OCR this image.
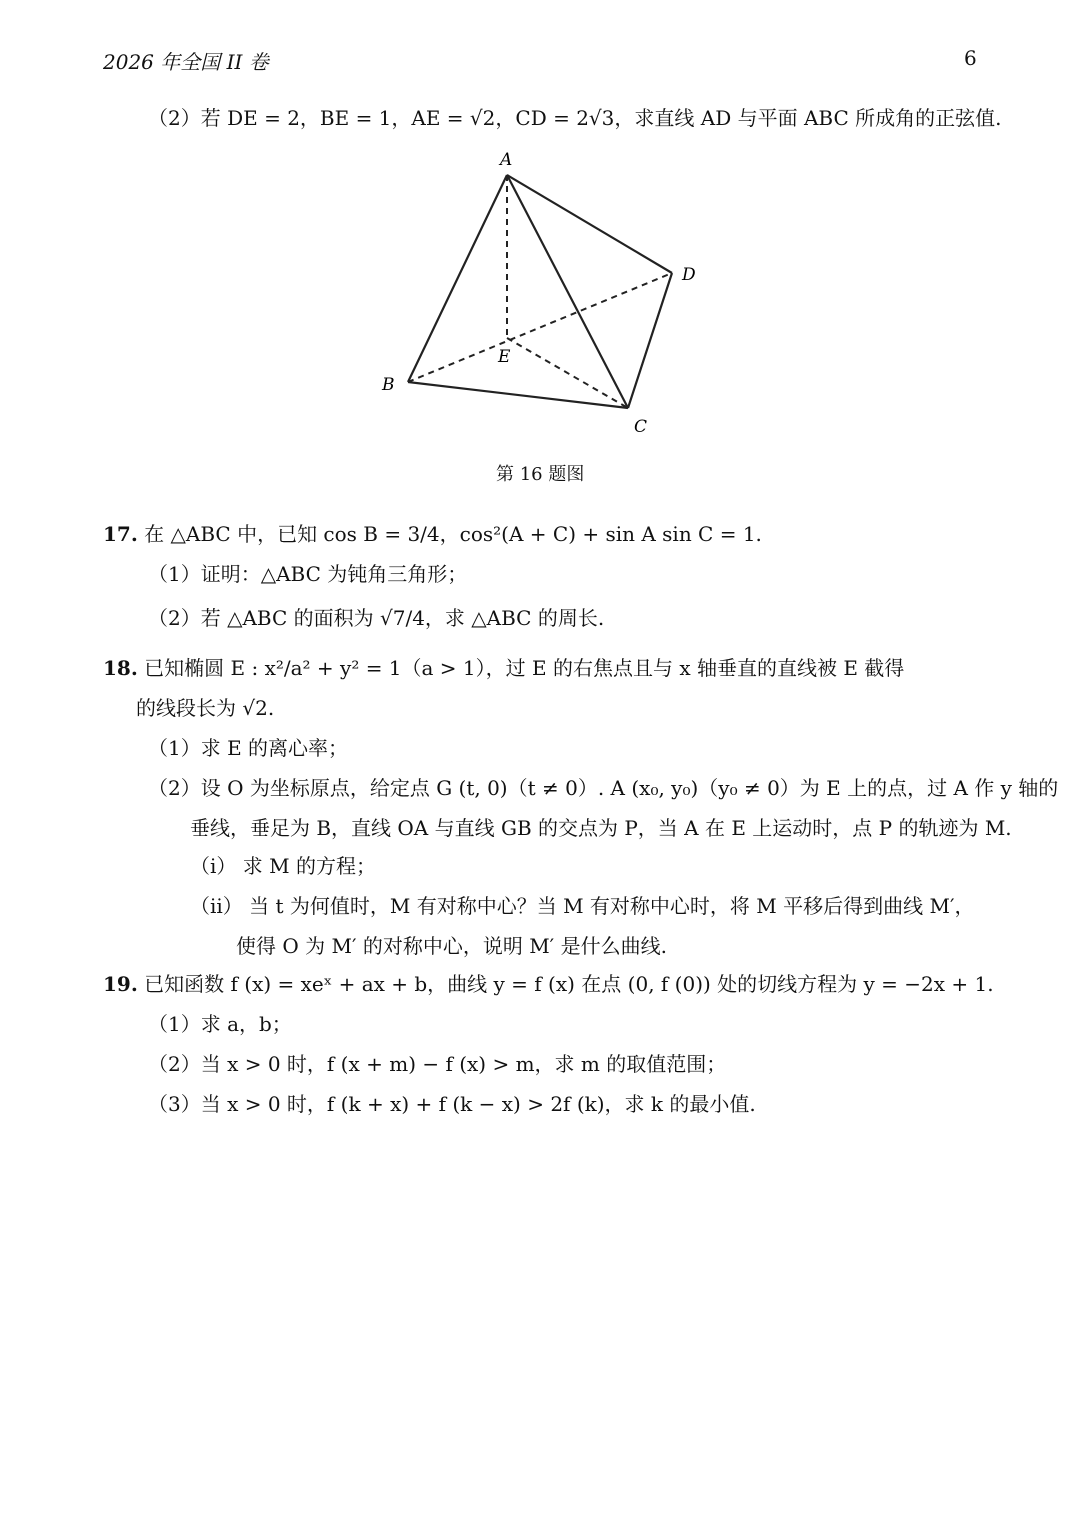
2026 年全国 II 卷	6
（2）若 DE = 2，BE = 1，AE = √2，CD = 2√3，求直线 AD 与平面 ABC 所成角的正弦值.
A
B
C
D
E
第 16 题图
17. 在 △ABC 中，已知 cos B = 3/4，cos²(A + C) + sin A sin C = 1.
（1）证明：△ABC 为钝角三角形；
（2）若 △ABC 的面积为 √7/4，求 △ABC 的周长.
18. 已知椭圆 E : x²/a² + y² = 1（a > 1），过 E 的右焦点且与 x 轴垂直的直线被 E 截得
的线段长为 √2.
（1）求 E 的离心率；
（2）设 O 为坐标原点，给定点 G (t, 0)（t ≠ 0）. A (x₀, y₀)（y₀ ≠ 0）为 E 上的点，过 A 作 y 轴的
垂线，垂足为 B，直线 OA 与直线 GB 的交点为 P，当 A 在 E 上运动时，点 P 的轨迹为 M.
（i） 求 M 的方程；
（ii） 当 t 为何值时，M 有对称中心？当 M 有对称中心时，将 M 平移后得到曲线 M′，
使得 O 为 M′ 的对称中心，说明 M′ 是什么曲线.
19. 已知函数 f (x) = xeˣ + ax + b，曲线 y = f (x) 在点 (0, f (0)) 处的切线方程为 y = −2x + 1.
（1）求 a，b；
（2）当 x > 0 时，f (x + m) − f (x) > m，求 m 的取值范围；
（3）当 x > 0 时，f (k + x) + f (k − x) > 2f (k)，求 k 的最小值.
